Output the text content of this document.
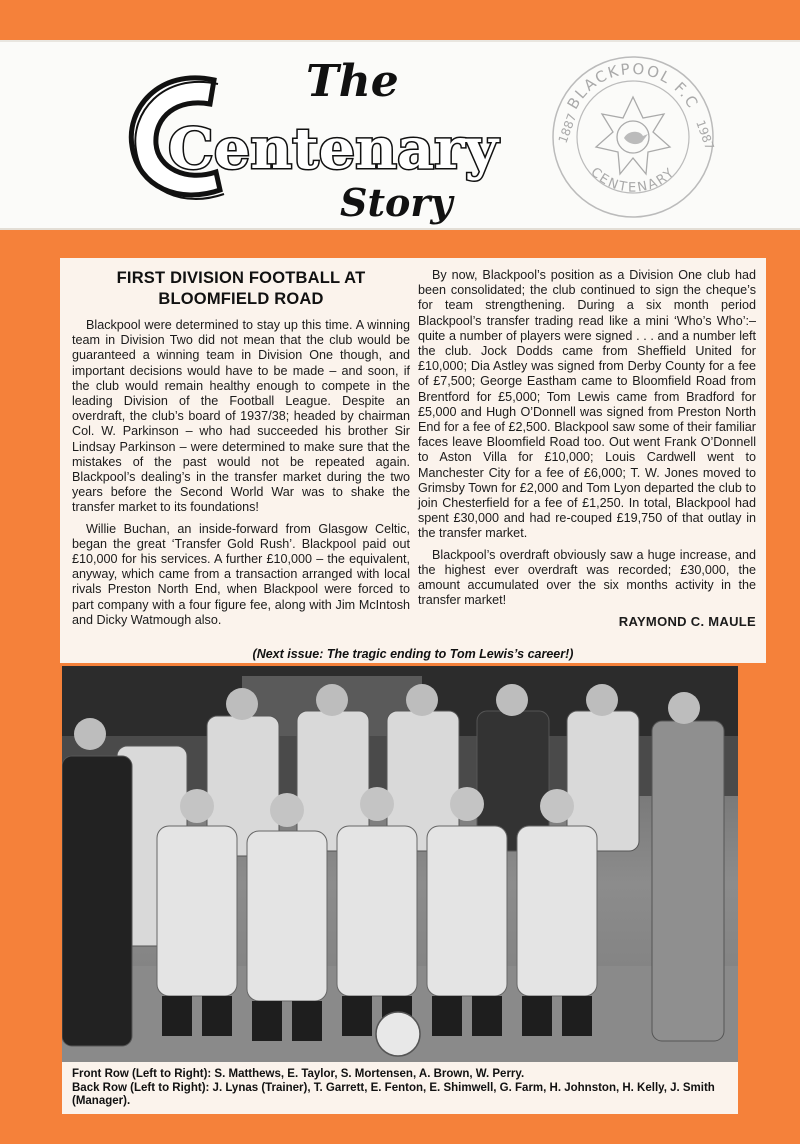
The
Centenary
Story
BLACKPOOL F.C
CENTENARY
1887	1987
FIRST DIVISION FOOTBALL AT BLOOMFIELD ROAD

Blackpool were determined to stay up this time. A winning team in Division Two did not mean that the club would be guaranteed a winning team in Division One though, and important decisions would have to be made – and soon, if the club would remain healthy enough to compete in the leading Division of the Football League. Despite an overdraft, the club’s board of 1937/38; headed by chairman Col. W. Parkinson – who had succeeded his brother Sir Lindsay Parkinson – were determined to make sure that the mistakes of the past would not be repeated again. Blackpool’s dealing’s in the transfer market during the two years before the Second World War was to shake the transfer market to its foundations!

Willie Buchan, an inside-forward from Glasgow Celtic, began the great ‘Transfer Gold Rush’. Blackpool paid out £10,000 for his services. A further £10,000 – the equivalent, anyway, which came from a transaction arranged with local rivals Preston North End, when Blackpool were forced to part company with a four figure fee, along with Jim McIntosh and Dicky Watmough also.

By now, Blackpool’s position as a Division One club had been consolidated; the club continued to sign the cheque’s for team strengthening. During a six month period Blackpool’s transfer trading read like a mini ‘Who’s Who’:– quite a number of players were signed . . . and a number left the club. Jock Dodds came from Sheffield United for £10,000; Dia Astley was signed from Derby County for a fee of £7,500; George Eastham came to Bloomfield Road from Brentford for £5,000; Tom Lewis came from Bradford for £5,000 and Hugh O’Donnell was signed from Preston North End for a fee of £2,500. Blackpool saw some of their familiar faces leave Bloomfield Road too. Out went Frank O’Donnell to Aston Villa for £10,000; Louis Cardwell went to Manchester City for a fee of £6,000; T. W. Jones moved to Grimsby Town for £2,000 and Tom Lyon departed the club to join Chesterfield for a fee of £1,250. In total, Blackpool had spent £30,000 and had re-couped £19,750 of that outlay in the transfer market.

Blackpool’s overdraft obviously saw a huge increase, and the highest ever overdraft was recorded; £30,000, the amount accumulated over the six months activity in the transfer market!

RAYMOND C. MAULE
(Next issue: The tragic ending to Tom Lewis’s career!)
Front Row (Left to Right): S. Matthews, E. Taylor, S. Mortensen, A. Brown, W. Perry.
Back Row (Left to Right): J. Lynas (Trainer), T. Garrett, E. Fenton, E. Shimwell, G. Farm, H. Johnston, H. Kelly, J. Smith (Manager).
